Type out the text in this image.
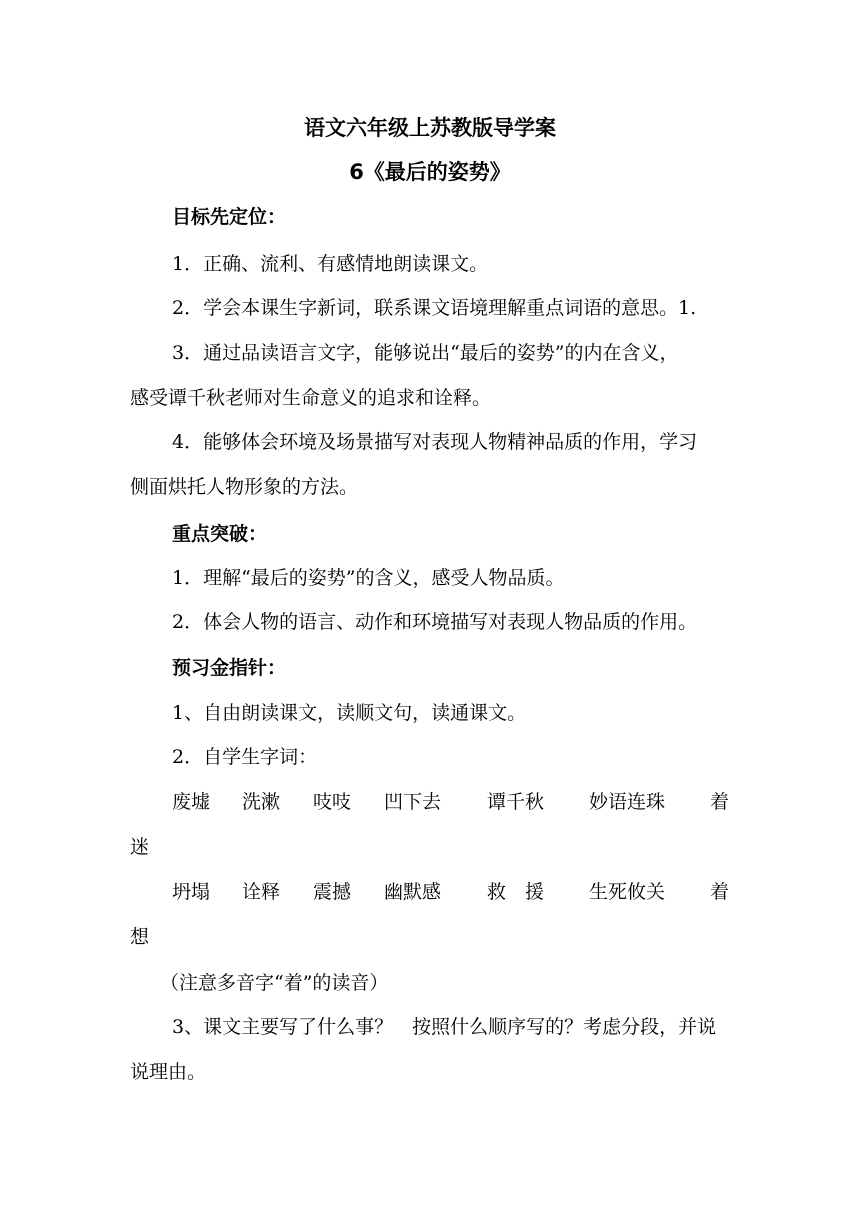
语文六年级上苏教版导学案
6《最后的姿势》
目标先定位：
1．正确、流利、有感情地朗读课文。
2．学会本课生字新词，联系课文语境理解重点词语的意思。1.
3．通过品读语言文字，能够说出“最后的姿势”的内在含义，
感受谭千秋老师对生命意义的追求和诠释。
4．能够体会环境及场景描写对表现人物精神品质的作用，学习
侧面烘托人物形象的方法。
重点突破：
1．理解“最后的姿势”的含义，感受人物品质。
2．体会人物的语言、动作和环境描写对表现人物品质的作用。
预习金指针：
1、自由朗读课文，读顺文句，读通课文。
2．自学生字词：
废墟 洗漱 吱吱 凹下去 谭千秋 妙语连珠 着
迷
坍塌 诠释 震撼 幽默感 救　援 生死攸关 着
想
（注意多音字“着”的读音）
3、课文主要写了什么事？　按照什么顺序写的？考虑分段，并说
说理由。
